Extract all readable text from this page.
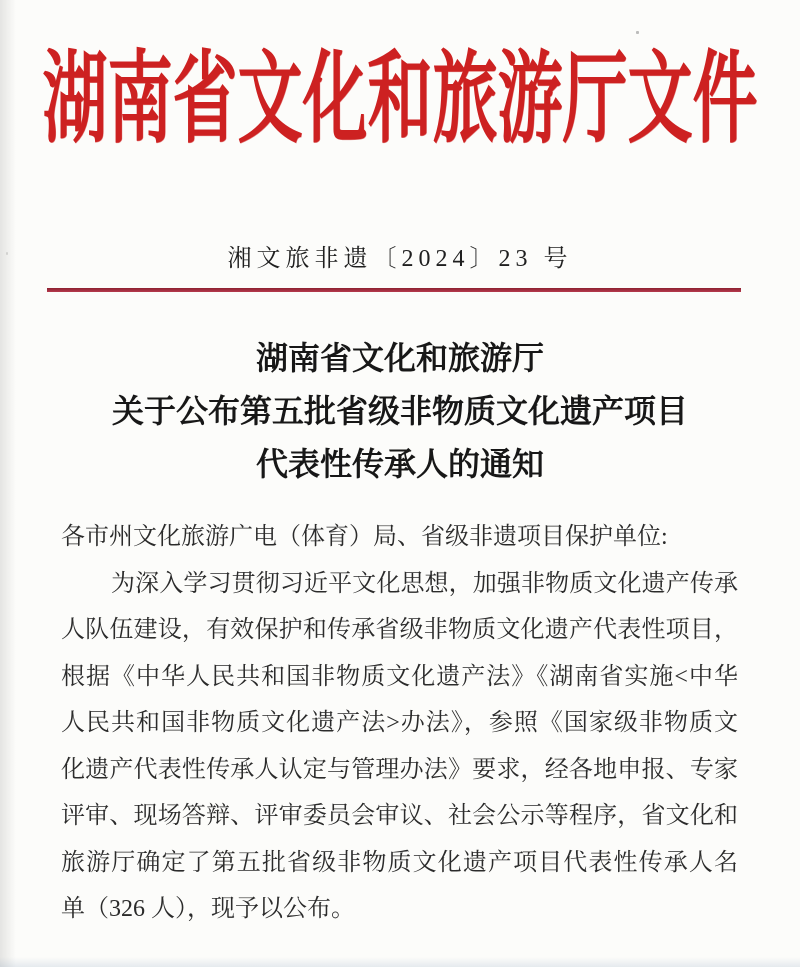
湖南省文化和旅游厅文件
湘文旅非遗〔2024〕23 号
湖南省文化和旅游厅
关于公布第五批省级非物质文化遗产项目
代表性传承人的通知
各市州文化旅游广电（体育）局、省级非遗项目保护单位:
为深入学习贯彻习近平文化思想，加强非物质文化遗产传承
人队伍建设，有效保护和传承省级非物质文化遗产代表性项目，
根据《中华人民共和国非物质文化遗产法》《湖南省实施<中华
人民共和国非物质文化遗产法>办法》，参照《国家级非物质文
化遗产代表性传承人认定与管理办法》要求，经各地申报、专家
评审、现场答辩、评审委员会审议、社会公示等程序，省文化和
旅游厅确定了第五批省级非物质文化遗产项目代表性传承人名
单（326 人），现予以公布。
